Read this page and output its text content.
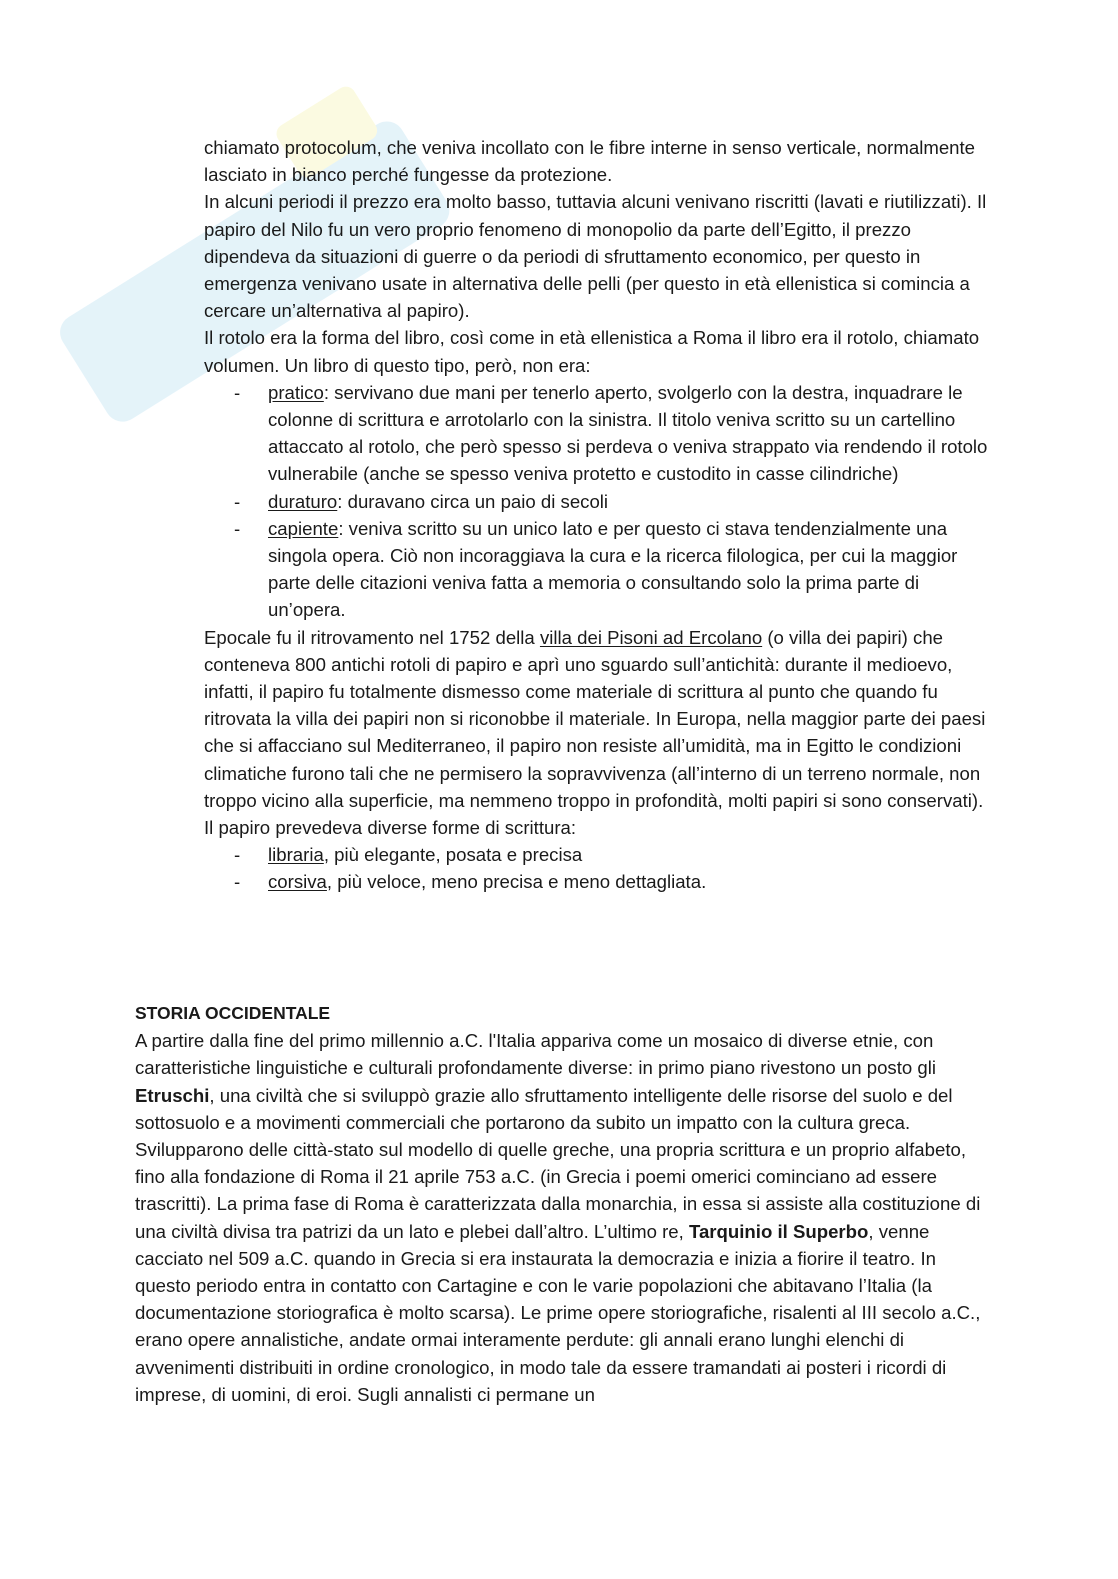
chiamato protocolum, che veniva incollato con le fibre interne in senso verticale, normalmente lasciato in bianco perché fungesse da protezione.

In alcuni periodi il prezzo era molto basso, tuttavia alcuni venivano riscritti (lavati e riutilizzati). Il papiro del Nilo fu un vero proprio fenomeno di monopolio da parte dell’Egitto, il prezzo dipendeva da situazioni di guerre o da periodi di sfruttamento economico, per questo in emergenza venivano usate in alternativa delle pelli (per questo in età ellenistica si comincia a cercare un’alternativa al papiro).

Il rotolo era la forma del libro, così come in età ellenistica a Roma il libro era il rotolo, chiamato volumen. Un libro di questo tipo, però, non era:

- pratico: servivano due mani per tenerlo aperto, svolgerlo con la destra, inquadrare le colonne di scrittura e arrotolarlo con la sinistra. Il titolo veniva scritto su un cartellino attaccato al rotolo, che però spesso si perdeva o veniva strappato via rendendo il rotolo vulnerabile (anche se spesso veniva protetto e custodito in casse cilindriche)
- duraturo: duravano circa un paio di secoli
- capiente: veniva scritto su un unico lato e per questo ci stava tendenzialmente una singola opera. Ciò non incoraggiava la cura e la ricerca filologica, per cui la maggior parte delle citazioni veniva fatta a memoria o consultando solo la prima parte di un’opera.

Epocale fu il ritrovamento nel 1752 della villa dei Pisoni ad Ercolano (o villa dei papiri) che conteneva 800 antichi rotoli di papiro e aprì uno sguardo sull’antichità: durante il medioevo, infatti, il papiro fu totalmente dismesso come materiale di scrittura al punto che quando fu ritrovata la villa dei papiri non si riconobbe il materiale. In Europa, nella maggior parte dei paesi che si affacciano sul Mediterraneo, il papiro non resiste all’umidità, ma in Egitto le condizioni climatiche furono tali che ne permisero la sopravvivenza (all’interno di un terreno normale, non troppo vicino alla superficie, ma nemmeno troppo in profondità, molti papiri si sono conservati).

Il papiro prevedeva diverse forme di scrittura:

- libraria, più elegante, posata e precisa
- corsiva, più veloce, meno precisa e meno dettagliata.

STORIA OCCIDENTALE

A partire dalla fine del primo millennio a.C. l'Italia appariva come un mosaico di diverse etnie, con caratteristiche linguistiche e culturali profondamente diverse: in primo piano rivestono un posto gli Etruschi, una civiltà che si sviluppò grazie allo sfruttamento intelligente delle risorse del suolo e del sottosuolo e a movimenti commerciali che portarono da subito un impatto con la cultura greca. Svilupparono delle città-stato sul modello di quelle greche, una propria scrittura e un proprio alfabeto, fino alla fondazione di Roma il 21 aprile 753 a.C. (in Grecia i poemi omerici cominciano ad essere trascritti). La prima fase di Roma è caratterizzata dalla monarchia, in essa si assiste alla costituzione di una civiltà divisa tra patrizi da un lato e plebei dall’altro. L’ultimo re, Tarquinio il Superbo, venne cacciato nel 509 a.C. quando in Grecia si era instaurata la democrazia e inizia a fiorire il teatro. In questo periodo entra in contatto con Cartagine e con le varie popolazioni che abitavano l’Italia (la documentazione storiografica è molto scarsa). Le prime opere storiografiche, risalenti al III secolo a.C., erano opere annalistiche, andate ormai interamente perdute: gli annali erano lunghi elenchi di avvenimenti distribuiti in ordine cronologico, in modo tale da essere tramandati ai posteri i ricordi di imprese, di uomini, di eroi. Sugli annalisti ci permane un
